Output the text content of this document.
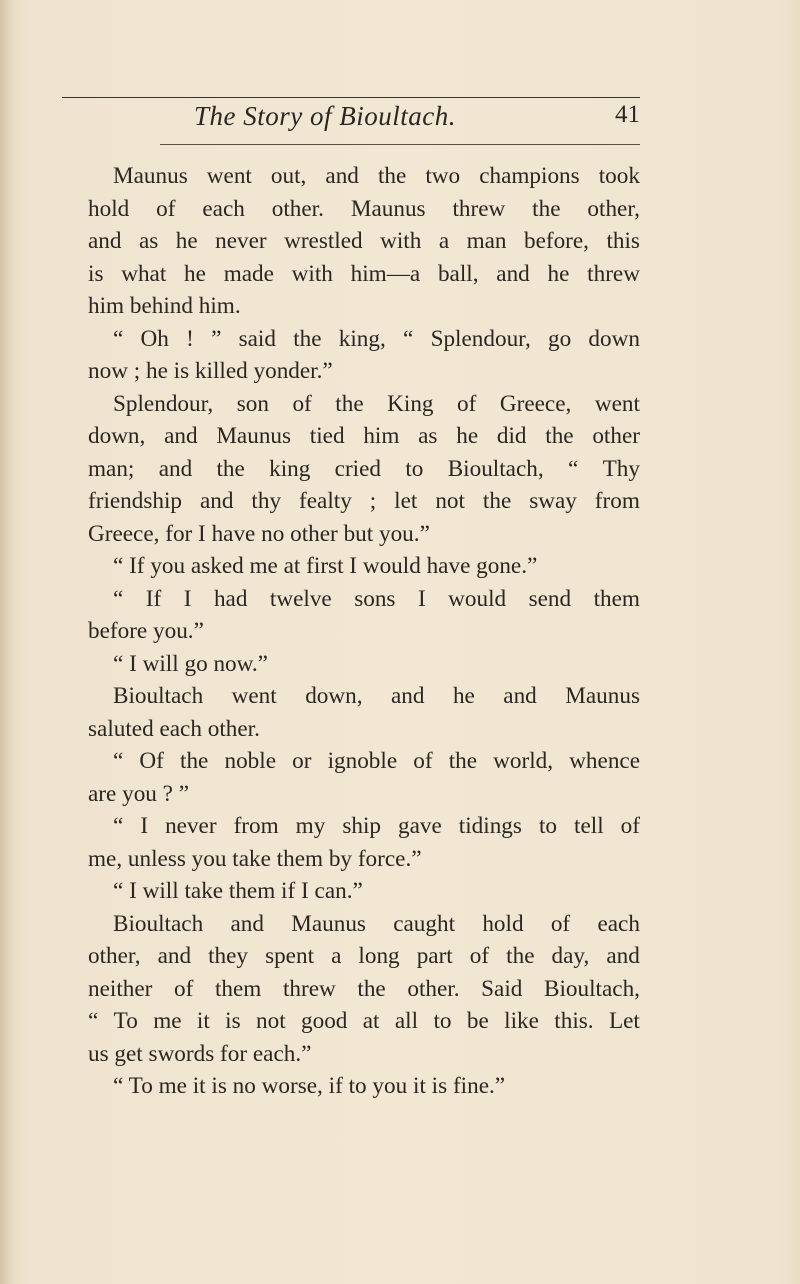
The Story of Bioultach.	41
Maunus went out, and the two champions took
hold of each other. Maunus threw the other,
and as he never wrestled with a man before, this
is what he made with him—a ball, and he threw
him behind him.
“ Oh ! ” said the king, “ Splendour, go down
now ; he is killed yonder.”
Splendour, son of the King of Greece, went
down, and Maunus tied him as he did the other
man; and the king cried to Bioultach, “ Thy
friendship and thy fealty ; let not the sway from
Greece, for I have no other but you.”
“ If you asked me at first I would have gone.”
“ If I had twelve sons I would send them
before you.”
“ I will go now.”
Bioultach went down, and he and Maunus
saluted each other.
“ Of the noble or ignoble of the world, whence
are you ? ”
“ I never from my ship gave tidings to tell of
me, unless you take them by force.”
“ I will take them if I can.”
Bioultach and Maunus caught hold of each
other, and they spent a long part of the day, and
neither of them threw the other. Said Bioultach,
“ To me it is not good at all to be like this. Let
us get swords for each.”
“ To me it is no worse, if to you it is fine.”
